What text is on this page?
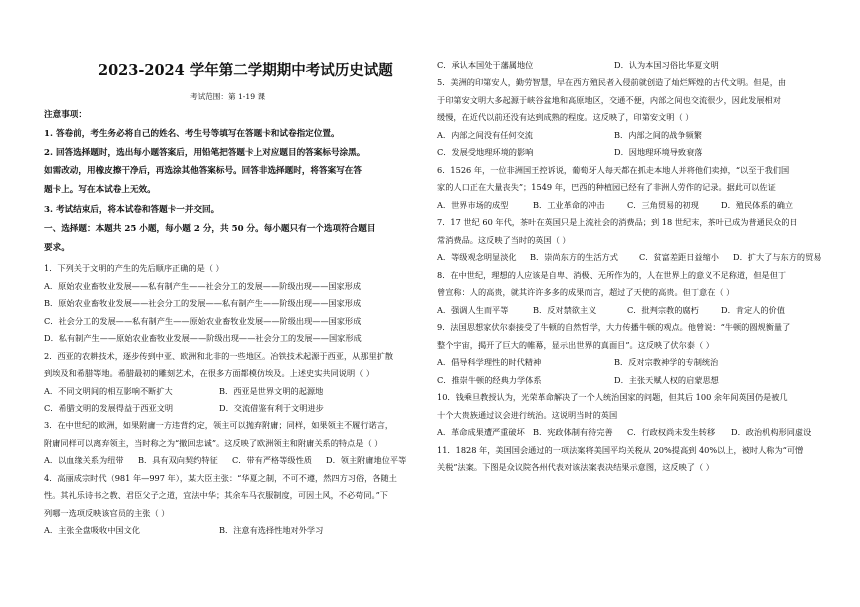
2023-2024 学年第二学期期中考试历史试题
考试范围：第 1-19 课
注意事项：
1. 答卷前，考生务必将自己的姓名、考生号等填写在答题卡和试卷指定位置。
2. 回答选择题时，选出每小题答案后，用铅笔把答题卡上对应题目的答案标号涂黑。
如需改动，用橡皮擦干净后，再选涂其他答案标号。回答非选择题时，将答案写在答
题卡上。写在本试卷上无效。
3. 考试结束后，将本试卷和答题卡一并交回。
一、选择题：本题共 25 小题，每小题 2 分，共 50 分。每小题只有一个选项符合题目
要求。
1．下列关于文明的产生的先后顺序正确的是（ ）
A．原始农业畜牧业发展——私有制产生——社会分工的发展——阶级出现——国家形成
B．原始农业畜牧业发展——社会分工的发展——私有制产生——阶级出现——国家形成
C．社会分工的发展——私有制产生——原始农业畜牧业发展——阶级出现——国家形成
D．私有制产生——原始农业畜牧业发展——阶级出现——社会分工的发展——国家形成
2．西亚的农耕技术，逐步传到中亚、欧洲和北非的一些地区。冶铁技术起源于西亚，从那里扩散
到埃及和希腊等地。希腊最初的雕刻艺术，在很多方面都模仿埃及。上述史实共同说明（ ）
A．不同文明间的相互影响不断扩大	B．西亚是世界文明的起源地
C．希腊文明的发展得益于西亚文明	D．交流借鉴有利于文明进步
3．在中世纪的欧洲，如果附庸一方违背约定，领主可以抛弃附庸；同样，如果领主不履行诺言，
附庸同样可以离弃领主，当时称之为“撤回忠诚”。这反映了欧洲领主和附庸关系的特点是（ ）
A．以血缘关系为纽带 B．具有双向契约特征 C．带有严格等级性质 D．领主附庸地位平等
4．高丽成宗时代（981 年—997 年），某大臣主张：“华夏之制，不可不遵，然四方习俗，各随土
性。其礼乐诗书之教、君臣父子之道，宜法中华；其余车马衣服制度，可因土风，不必苟同。”下
列哪一选项反映该官员的主张（ ）
A．主张全盘吸收中国文化	B．注意有选择性地对外学习
C．承认本国处于藩属地位	D．认为本国习俗比华夏文明
5．美洲的印第安人，勤劳智慧，早在西方殖民者入侵前就创造了灿烂辉煌的古代文明。但是，由
于印第安文明大多起源于峡谷盆地和高原地区，交通不便，内部之间也交流很少，因此发展相对
缓慢，在近代以前还没有达到成熟的程度。这反映了，印第安文明（ ）
A．内部之间没有任何交流	B．内部之间的战争频繁
C．发展受地理环境的影响	D．因地理环境导致衰落
6．1526 年，一位非洲国王控诉说，葡萄牙人每天都在抓走本地人并将他们卖掉，“以至于我们国
家的人口正在大量丧失”；1549 年，巴西的种植园已经有了非洲人劳作的记录。据此可以佐证
A．世界市场的成型	B．工业革命的冲击	C．三角贸易的初现	D．殖民体系的确立
7．17 世纪 60 年代，茶叶在英国只是上流社会的消费品；到 18 世纪末，茶叶已成为普通民众的日
常消费品。这反映了当时的英国（ ）
A．等级观念明显淡化 B．崇尚东方的生活方式	C．贫富差距日益缩小 D．扩大了与东方的贸易
8．在中世纪，理想的人应该是自卑、消极、无所作为的，人在世界上的意义不足称道，但是但丁
曾宣称：人的高贵，就其许许多多的成果而言，超过了天使的高贵。但丁意在（ ）
A．强调人生而平等	B．反对禁欲主义	C．批判宗教的腐朽	D．肯定人的价值
9．法国思想家伏尔泰接受了牛顿的自然哲学，大力传播牛顿的观点。他曾说：“牛顿的圆规衡量了
整个宇宙，揭开了巨大的帷幕，显示出世界的真面目”。这反映了伏尔泰（ ）
A．倡导科学理性的时代精神	B．反对宗教神学的专制统治
C．推崇牛顿的经典力学体系	D．主张天赋人权的启蒙思想
10．钱乘旦教授认为，光荣革命解决了一个人统治国家的问题，但其后 100 余年间英国仍是被几
十个大贵族通过议会进行统治。这说明当时的英国
A．革命成果遭严重破坏 B．宪政体制有待完善 C．行政权尚未发生转移 D．政治机构形同虚设
11．1828 年，美国国会通过的一项法案将美国平均关税从 20%提高到 40%以上，被时人称为“可憎
关税”法案。下图是众议院各州代表对该法案表决结果示意图，这反映了（ ）
